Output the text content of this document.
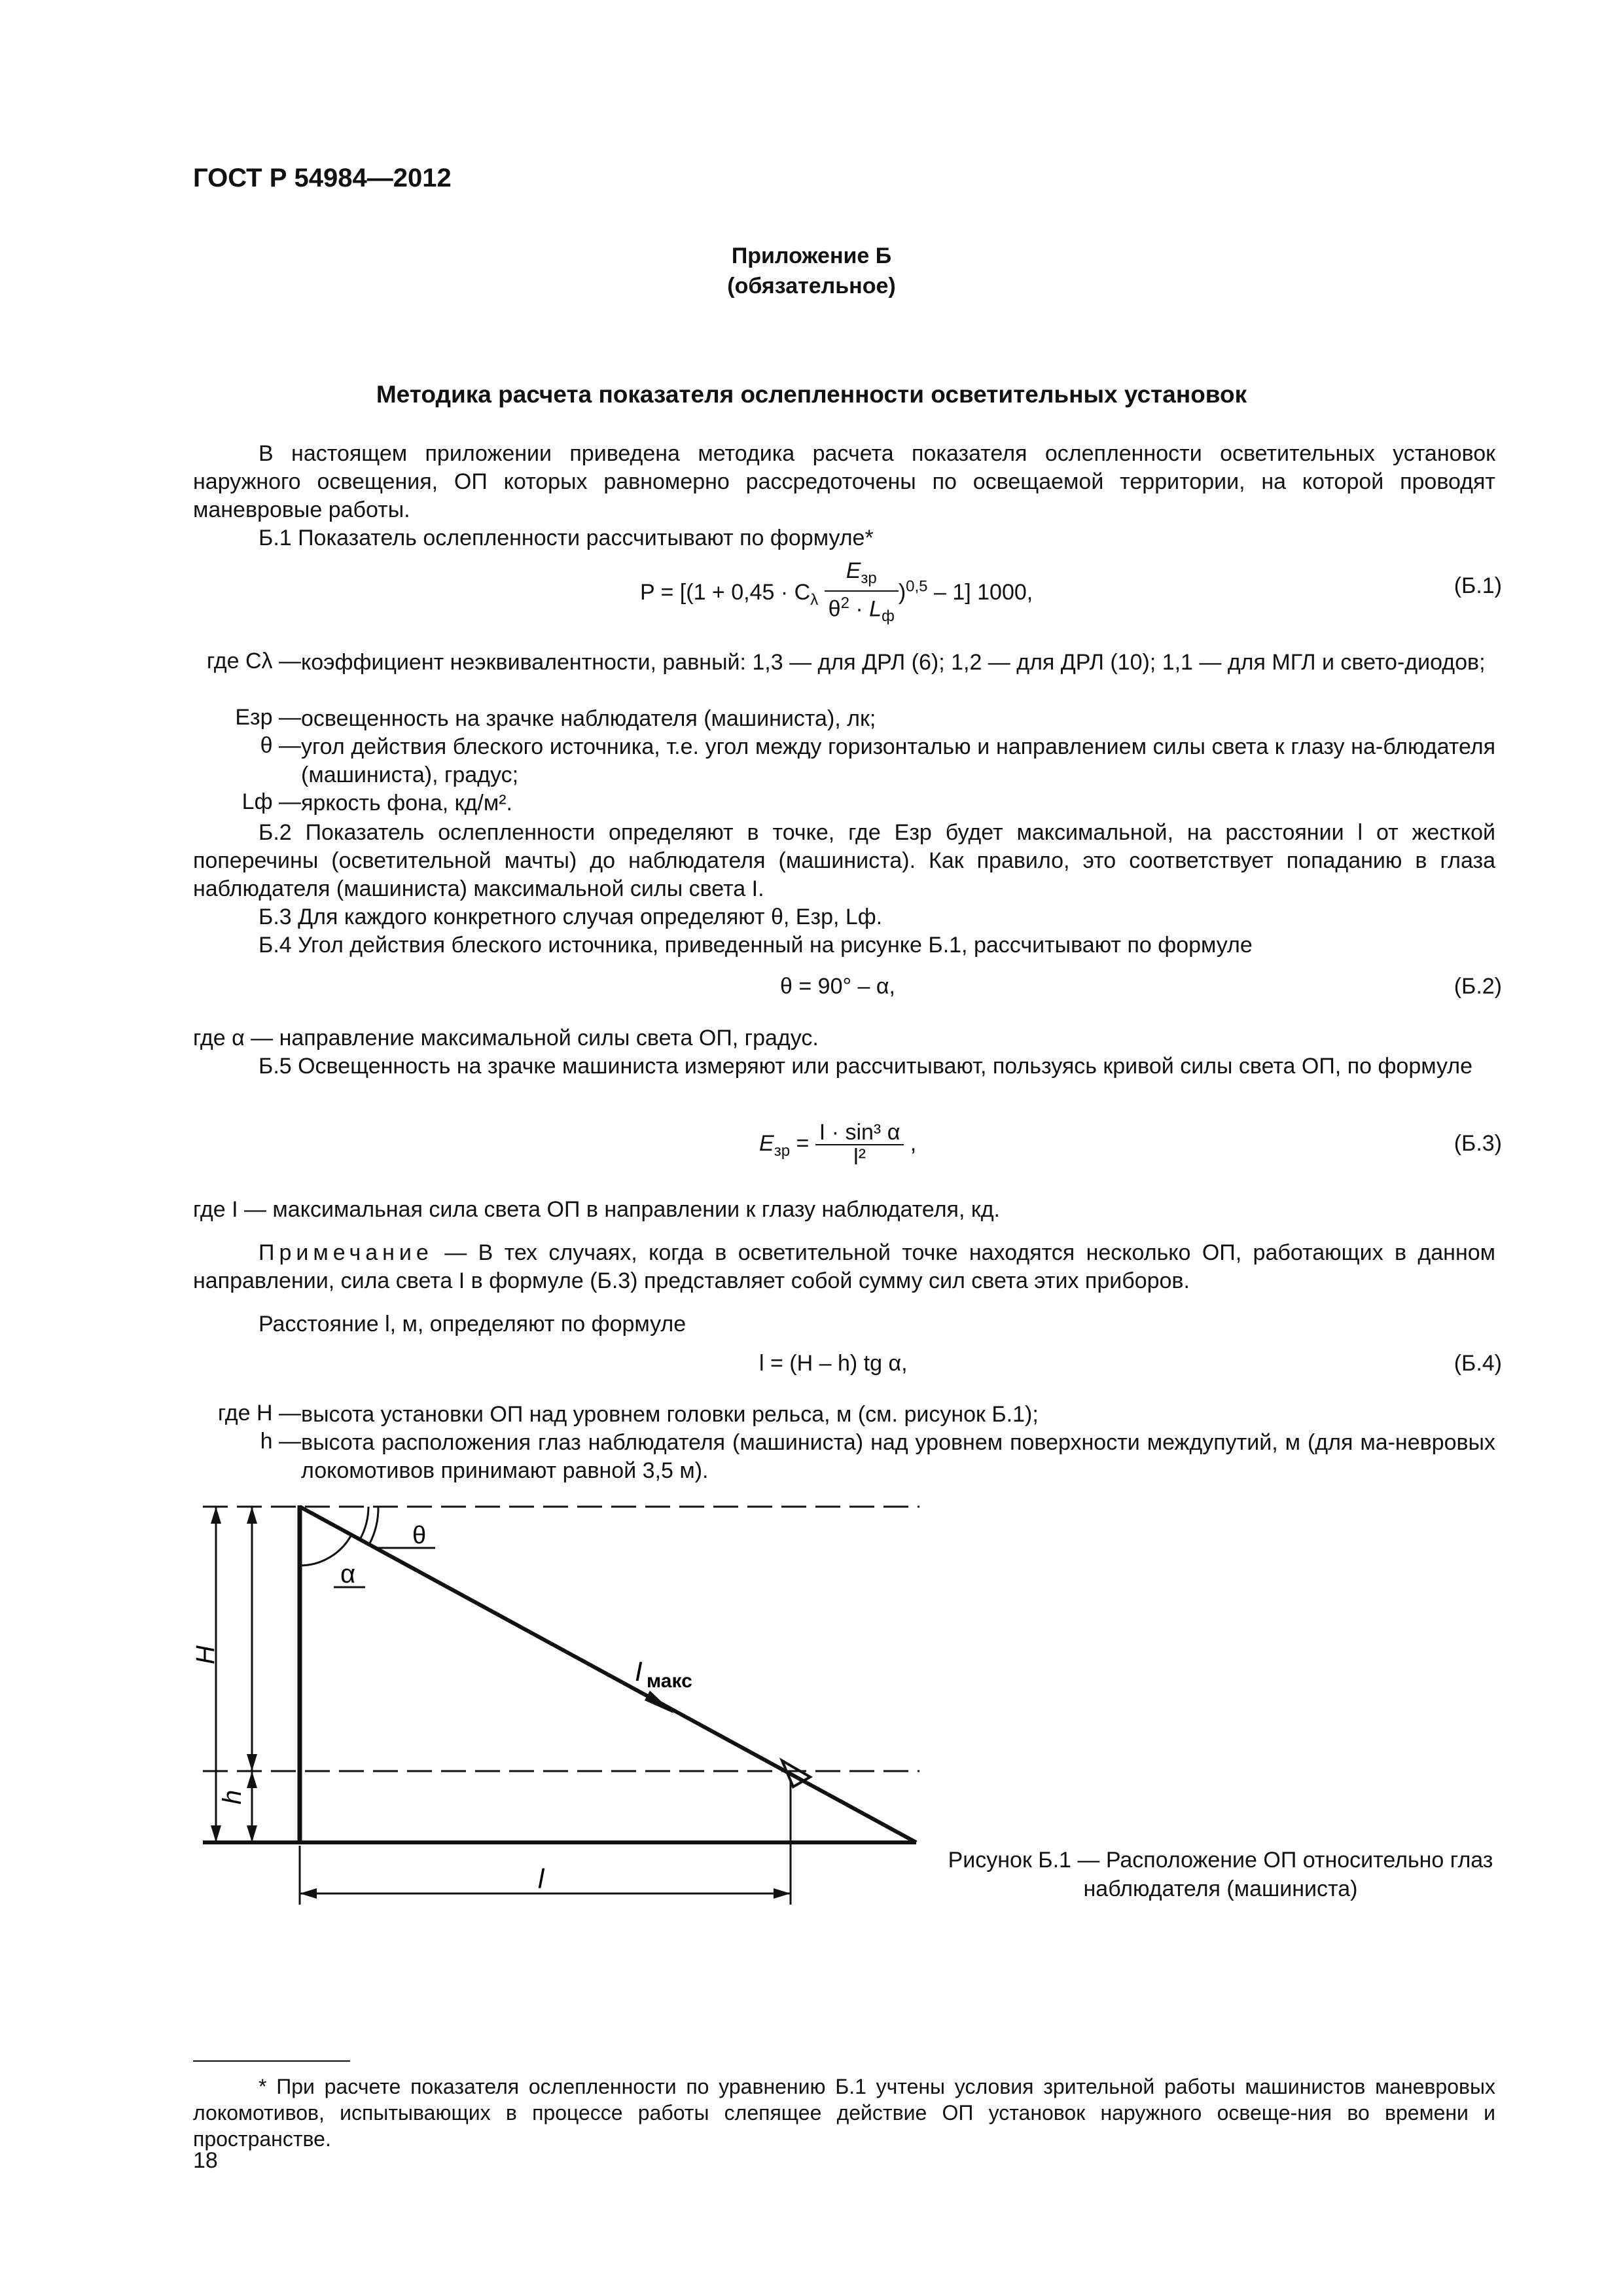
ГОСТ Р 54984—2012
Приложение Б
(обязательное)
Методика расчета показателя ослепленности осветительных установок
В настоящем приложении приведена методика расчета показателя ослепленности осветительных установок наружного освещения, ОП которых равномерно рассредоточены по освещаемой территории, на которой проводят маневровые работы.
Б.1 Показатель ослепленности рассчитывают по формуле*
$P = [(1 + 0,45 \cdot C_\lambda \frac{E_{зр}}{\theta^2 \cdot L_ф} )^{0,5} - 1]$ 1000,	(Б.1)
где Cλ — коэффициент неэквивалентности, равный: 1,3 — для ДРЛ (6); 1,2 — для ДРЛ (10); 1,1 — для МГЛ и свето-диодов;
Eзр — освещенность на зрачке наблюдателя (машиниста), лк;
θ — угол действия блеского источника, т.е. угол между горизонталью и направлением силы света к глазу на-блюдателя (машиниста), градус;
Lф — яркость фона, кд/м².
Б.2 Показатель ослепленности определяют в точке, где Eзр будет максимальной, на расстоянии l от жесткой поперечины (осветительной мачты) до наблюдателя (машиниста). Как правило, это соответствует попаданию в глаза наблюдателя (машиниста) максимальной силы света I.
Б.3 Для каждого конкретного случая определяют θ, Eзр, Lф.
Б.4 Угол действия блеского источника, приведенный на рисунке Б.1, рассчитывают по формуле
θ = 90° – α,	(Б.2)
где α — направление максимальной силы света ОП, градус.
Б.5 Освещенность на зрачке машиниста измеряют или рассчитывают, пользуясь кривой силы света ОП, по формуле
$E_{зр} = \frac{\text{I · sin³ α}}{\text{l²}}$ ,	(Б.3)
где I — максимальная сила света ОП в направлении к глазу наблюдателя, кд.
Примечание — В тех случаях, когда в осветительной точке находятся несколько ОП, работающих в данном направлении, сила света I в формуле (Б.3) представляет собой сумму сил света этих приборов.
Расстояние l, м, определяют по формуле
l = (H – h) tg α,	(Б.4)
где H — высота установки ОП над уровнем головки рельса, м (см. рисунок Б.1);
h — высота расположения глаз наблюдателя (машиниста) над уровнем поверхности междупутий, м (для ма-невровых локомотивов принимают равной 3,5 м).
H
h
l
θ
α
I макс
Рисунок Б.1 — Расположение ОП относительно глаз наблюдателя (машиниста)
* При расчете показателя ослепленности по уравнению Б.1 учтены условия зрительной работы машинистов маневровых локомотивов, испытывающих в процессе работы слепящее действие ОП установок наружного освеще-ния во времени и пространстве.
18
